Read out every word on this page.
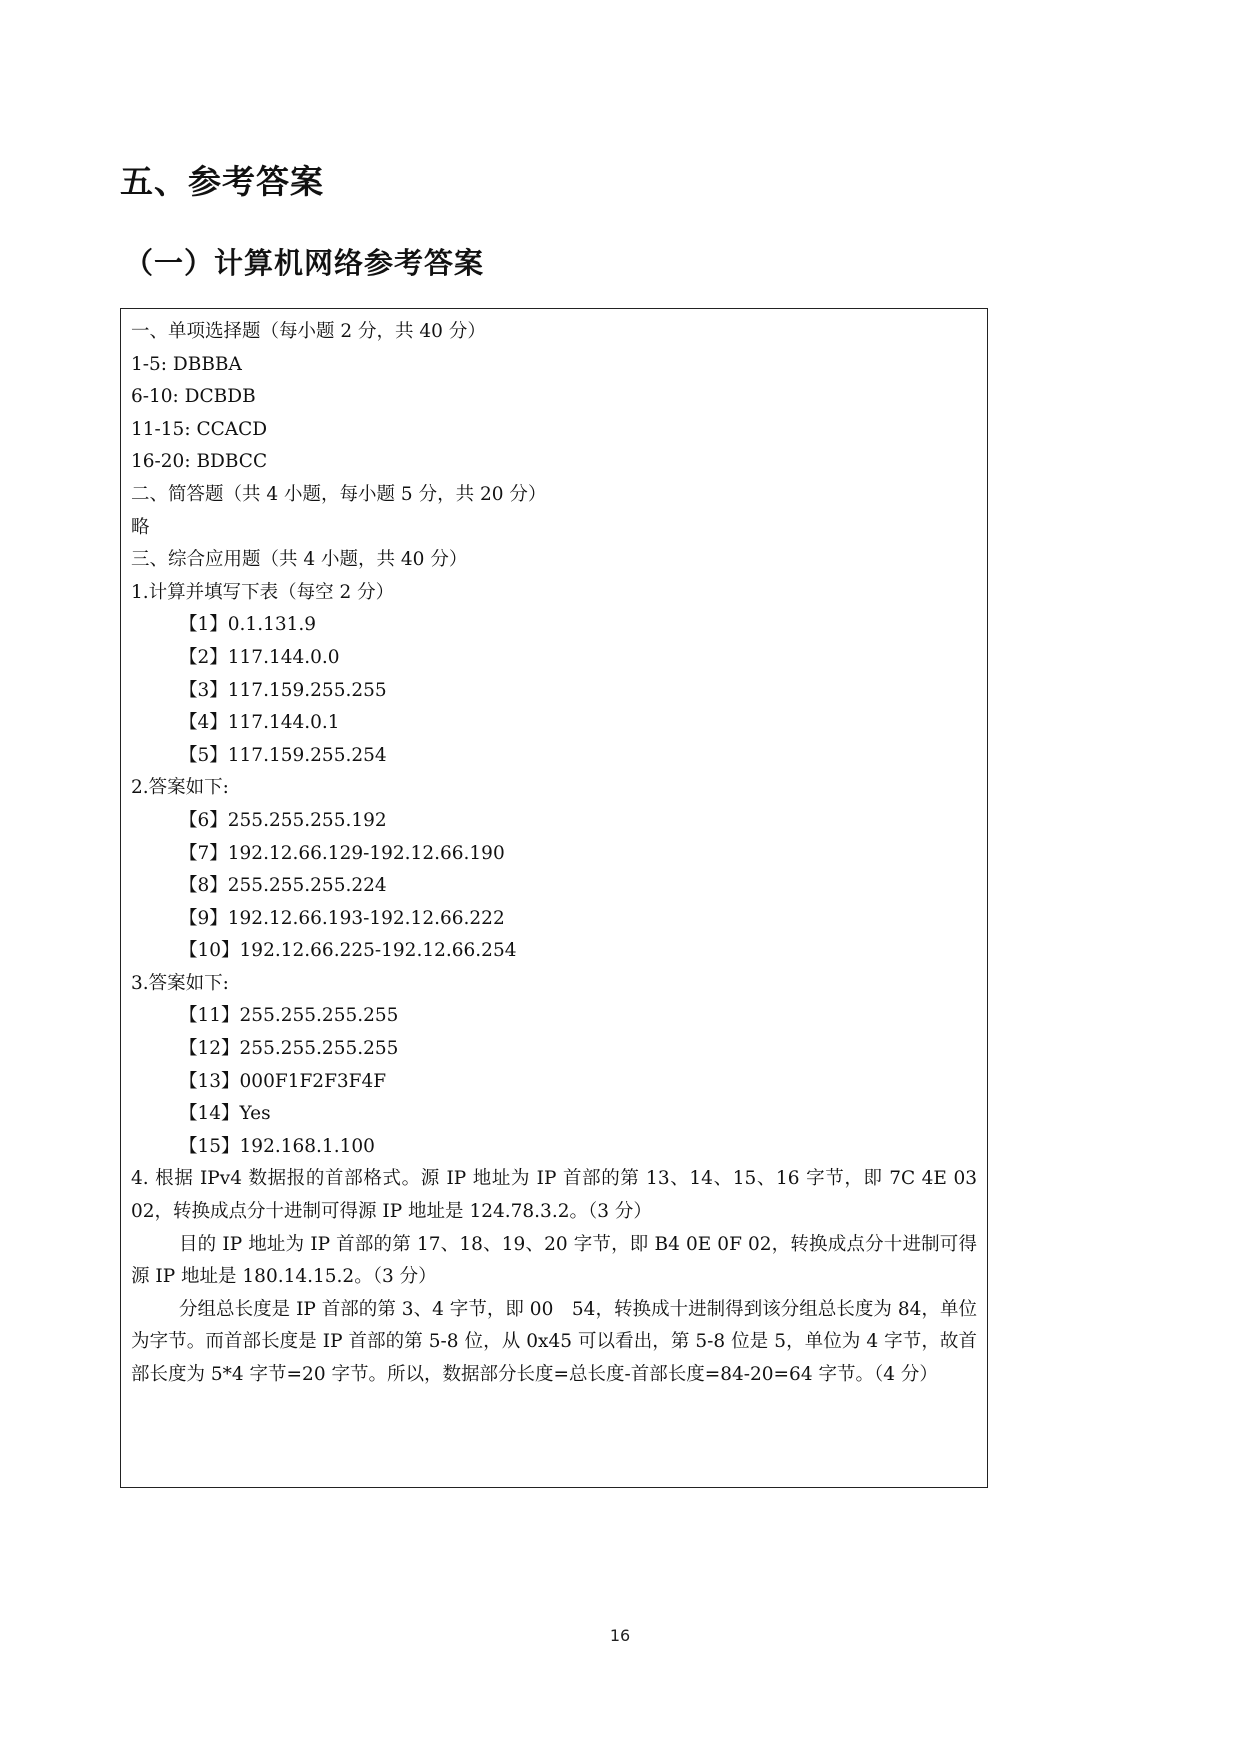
五、参考答案
（一）计算机网络参考答案
一、单项选择题（每小题 2 分，共 40 分）
1-5: DBBBA
6-10: DCBDB
11-15: CCACD
16-20: BDBCC
二、简答题（共 4 小题，每小题 5 分，共 20 分）
略
三、综合应用题（共 4 小题，共 40 分）
1.计算并填写下表（每空 2 分）
【1】0.1.131.9
【2】117.144.0.0
【3】117.159.255.255
【4】117.144.0.1
【5】117.159.255.254
2.答案如下:
【6】255.255.255.192
【7】192.12.66.129-192.12.66.190
【8】255.255.255.224
【9】192.12.66.193-192.12.66.222
【10】192.12.66.225-192.12.66.254
3.答案如下:
【11】255.255.255.255
【12】255.255.255.255
【13】000F1F2F3F4F
【14】Yes
【15】192.168.1.100
4. 根据 IPv4 数据报的首部格式。源 IP 地址为 IP 首部的第 13、14、15、16 字节，即 7C 4E 03 02，转换成点分十进制可得源 IP 地址是 124.78.3.2。（3 分）
目的 IP 地址为 IP 首部的第 17、18、19、20 字节，即 B4 0E 0F 02，转换成点分十进制可得源 IP 地址是 180.14.15.2。（3 分）
分组总长度是 IP 首部的第 3、4 字节，即 00　54，转换成十进制得到该分组总长度为 84，单位为字节。而首部长度是 IP 首部的第 5-8 位，从 0x45 可以看出，第 5-8 位是 5，单位为 4 字节，故首部长度为 5*4 字节=20 字节。所以，数据部分长度=总长度-首部长度=84-20=64 字节。（4 分）
16
